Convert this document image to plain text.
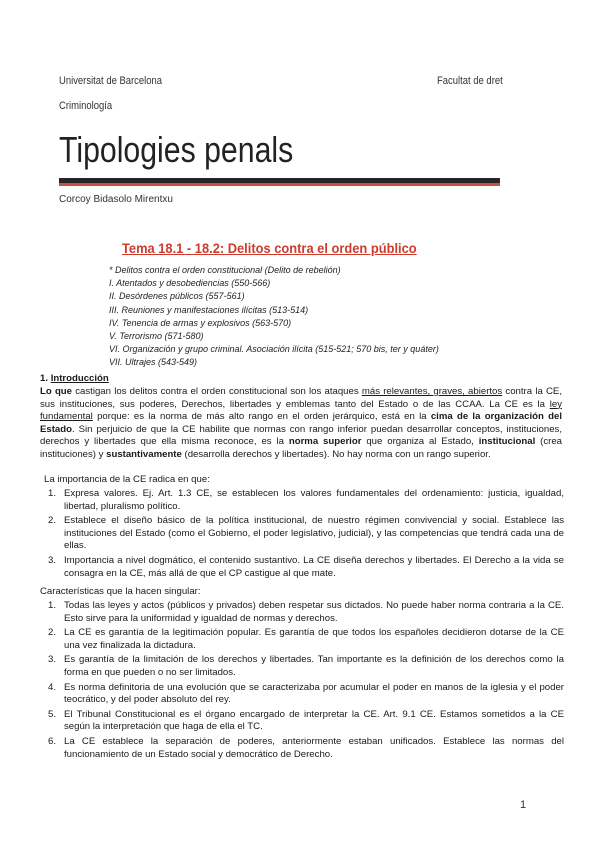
Universitat de Barcelona	Facultat de dret
Criminología
Tipologies penals
Corcoy Bidasolo Mirentxu
Tema 18.1 - 18.2: Delitos contra el orden público
* Delitos contra el orden constitucional (Delito de rebelión)
I. Atentados y desobediencias (550-566)
II. Desórdenes públicos (557-561)
III. Reuniones y manifestaciones ilícitas (513-514)
IV. Tenencia de armas y explosivos (563-570)
V. Terrorismo (571-580)
VI. Organización y grupo criminal. Asociación ilícita (515-521; 570 bis, ter y quáter)
VII. Ultrajes (543-549)
1. Introducción
Lo que castigan los delitos contra el orden constitucional son los ataques más relevantes, graves, abiertos contra la CE, sus instituciones, sus poderes, Derechos, libertades y emblemas tanto del Estado o de las CCAA. La CE es la ley fundamental porque: es la norma de más alto rango en el orden jerárquico, está en la cima de la organización del Estado. Sin perjuicio de que la CE habilite que normas con rango inferior puedan desarrollar conceptos, instituciones, derechos y libertades que ella misma reconoce, es la norma superior que organiza al Estado, institucional (crea instituciones) y sustantivamente (desarrolla derechos y libertades). No hay norma con un rango superior.
La importancia de la CE radica en que:
1. Expresa valores. Ej. Art. 1.3 CE, se establecen los valores fundamentales del ordenamiento: justicia, igualdad, libertad, pluralismo político.
2. Establece el diseño básico de la política institucional, de nuestro régimen convivencial y social. Establece las instituciones del Estado (como el Gobierno, el poder legislativo, judicial), y las competencias que tendrá cada una de ellas.
3. Importancia a nivel dogmático, el contenido sustantivo. La CE diseña derechos y libertades. El Derecho a la vida se consagra en la CE, más allá de que el CP castigue al que mate.
Características que la hacen singular:
1. Todas las leyes y actos (públicos y privados) deben respetar sus dictados. No puede haber norma contraria a la CE. Esto sirve para la uniformidad y igualdad de normas y derechos.
2. La CE es garantía de la legitimación popular. Es garantía de que todos los españoles decidieron dotarse de la CE una vez finalizada la dictadura.
3. Es garantía de la limitación de los derechos y libertades. Tan importante es la definición de los derechos como la forma en que pueden o no ser limitados.
4. Es norma definitoria de una evolución que se caracterizaba por acumular el poder en manos de la iglesia y el poder teocrático, y del poder absoluto del rey.
5. El Tribunal Constitucional es el órgano encargado de interpretar la CE. Art. 9.1 CE. Estamos sometidos a la CE según la interpretación que haga de ella el TC.
6. La CE establece la separación de poderes, anteriormente estaban unificados. Establece las normas del funcionamiento de un Estado social y democrático de Derecho.
1
